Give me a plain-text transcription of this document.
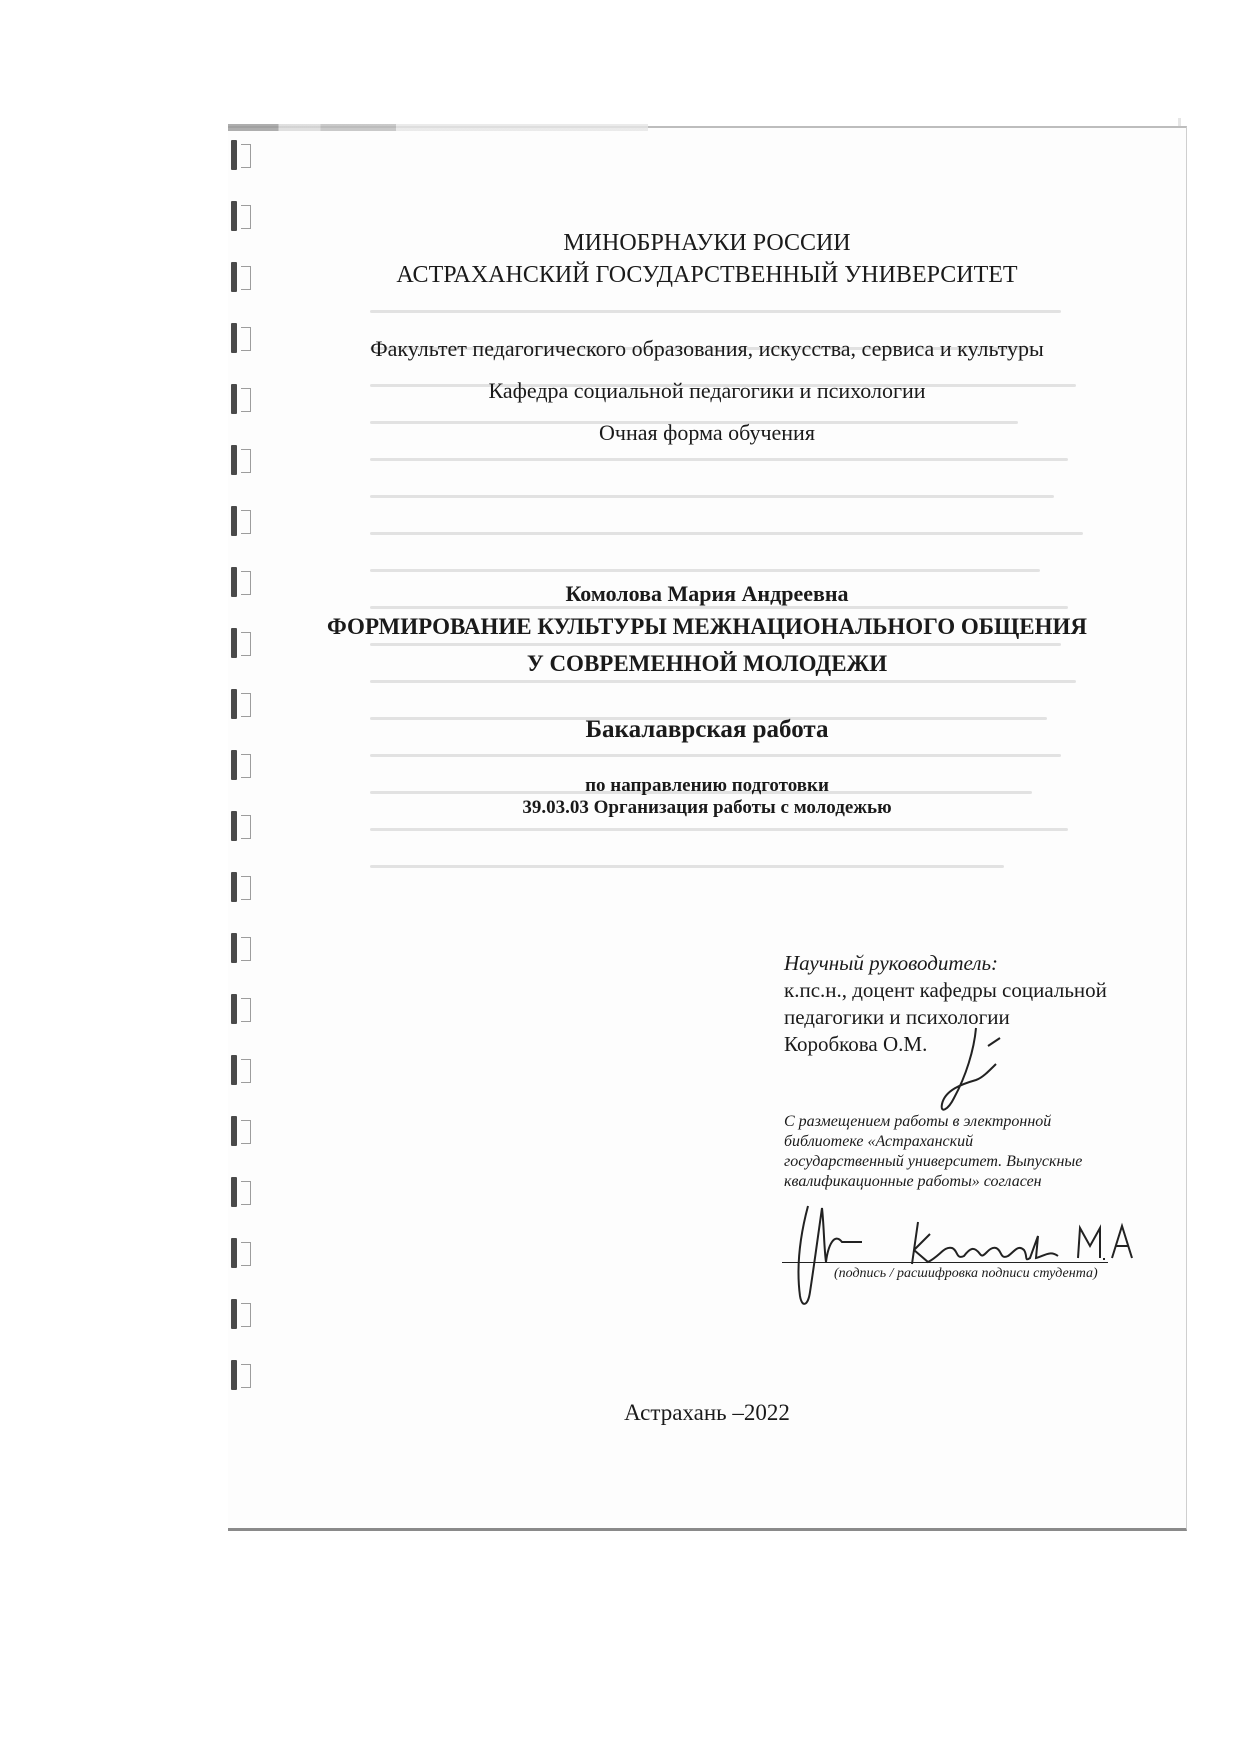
МИНОБРНАУКИ РОССИИ
АСТРАХАНСКИЙ ГОСУДАРСТВЕННЫЙ УНИВЕРСИТЕТ
Факультет педагогического образования, искусства, сервиса и культуры
Кафедра социальной педагогики и психологии
Очная форма обучения
Комолова Мария Андреевна
ФОРМИРОВАНИЕ КУЛЬТУРЫ МЕЖНАЦИОНАЛЬНОГО ОБЩЕНИЯ
У СОВРЕМЕННОЙ МОЛОДЕЖИ
Бакалаврская работа
по направлению подготовки
39.03.03 Организация работы с молодежью
Научный руководитель:
к.пс.н., доцент кафедры социальной
педагогики и психологии
Коробкова О.М.
С размещением работы в электронной
библиотеке «Астраханский
государственный университет. Выпускные
квалификационные работы» согласен
(подпись / расшифровка подписи студента)
Астрахань –2022
